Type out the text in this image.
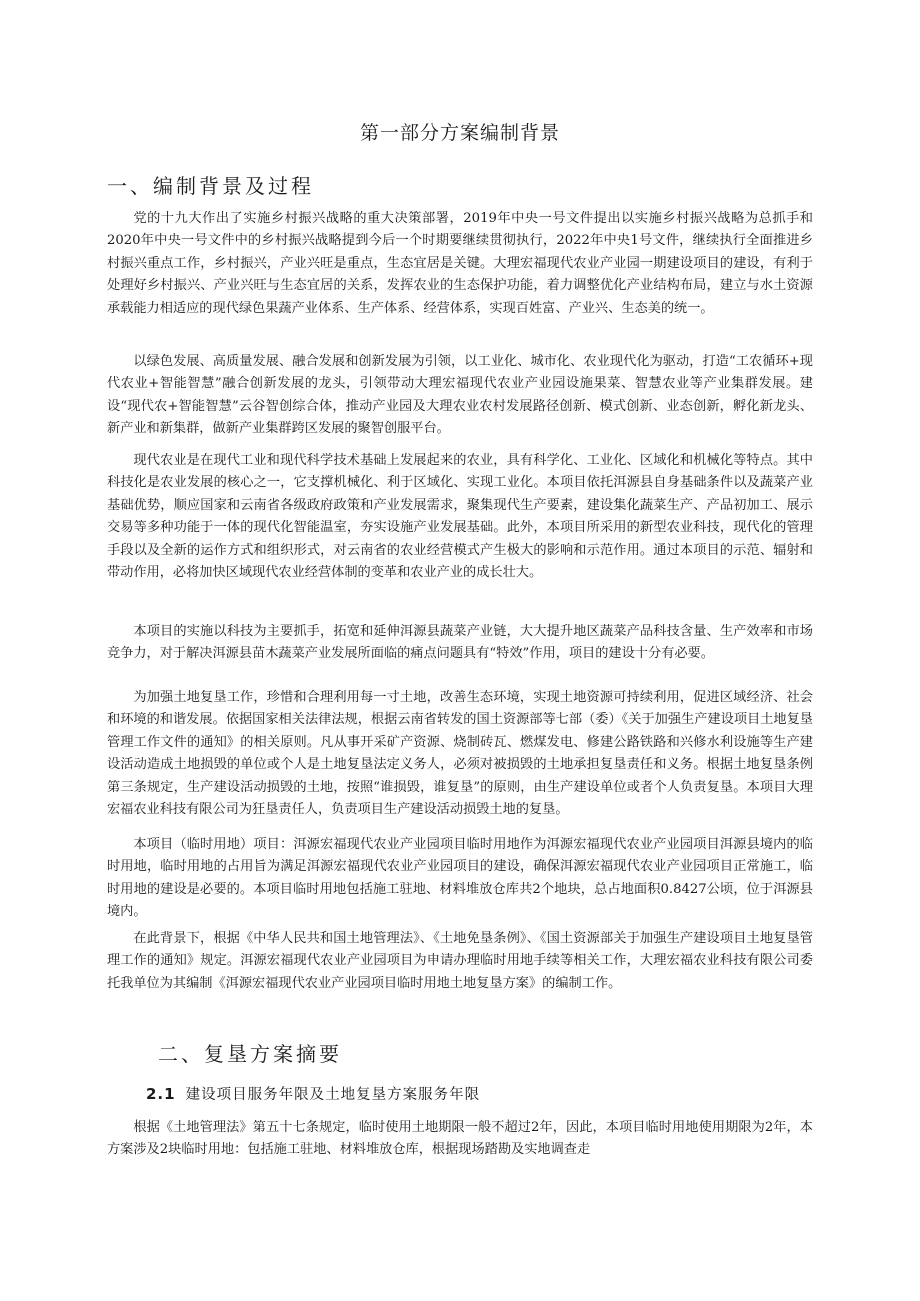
第一部分方案编制背景
一、编制背景及过程

党的十九大作出了实施乡村振兴战略的重大决策部署，2019年中央一号文件提出以实施乡村振兴战略为总抓手和2020年中央一号文件中的乡村振兴战略提到今后一个时期要继续贯彻执行，2022年中央1号文件，继续执行全面推进乡村振兴重点工作，乡村振兴，产业兴旺是重点，生态宜居是关键。大理宏福现代农业产业园一期建设项目的建设，有利于处理好乡村振兴、产业兴旺与生态宜居的关系，发挥农业的生态保护功能，着力调整优化产业结构布局，建立与水土资源承载能力相适应的现代绿色果蔬产业体系、生产体系、经营体系，实现百姓富、产业兴、生态美的统一。

以绿色发展、高质量发展、融合发展和创新发展为引领，以工业化、城市化、农业现代化为驱动，打造“工农循环+现代农业+智能智慧”融合创新发展的龙头，引领带动大理宏福现代农业产业园设施果菜、智慧农业等产业集群发展。建设“现代农+智能智慧”云谷智创综合体，推动产业园及大理农业农村发展路径创新、模式创新、业态创新，孵化新龙头、新产业和新集群，做新产业集群跨区发展的聚智创服平台。

现代农业是在现代工业和现代科学技术基础上发展起来的农业，具有科学化、工业化、区域化和机械化等特点。其中科技化是农业发展的核心之一，它支撑机械化、利于区域化、实现工业化。本项目依托洱源县自身基础条件以及蔬菜产业基础优势，顺应国家和云南省各级政府政策和产业发展需求，聚集现代生产要素，建设集化蔬菜生产、产品初加工、展示交易等多种功能于一体的现代化智能温室，夯实设施产业发展基础。此外，本项目所采用的新型农业科技，现代化的管理手段以及全新的运作方式和组织形式，对云南省的农业经营模式产生极大的影响和示范作用。通过本项目的示范、辐射和带动作用，必将加快区域现代农业经营体制的变革和农业产业的成长壮大。

本项目的实施以科技为主要抓手，拓宽和延伸洱源县蔬菜产业链，大大提升地区蔬菜产品科技含量、生产效率和市场竞争力，对于解决洱源县苗木蔬菜产业发展所面临的痛点问题具有“特效”作用，项目的建设十分有必要。

为加强土地复垦工作，珍惜和合理利用每一寸土地，改善生态环境，实现土地资源可持续利用，促进区域经济、社会和环境的和谐发展。依据国家相关法律法规，根据云南省转发的国土资源部等七部（委）《关于加强生产建设项目土地复垦管理工作文件的通知》的相关原则。凡从事开采矿产资源、烧制砖瓦、燃煤发电、修建公路铁路和兴修水利设施等生产建设活动造成土地损毁的单位或个人是土地复垦法定义务人，必须对被损毁的土地承担复垦责任和义务。根据土地复垦条例第三条规定，生产建设活动损毁的土地，按照“谁损毁，谁复垦”的原则，由生产建设单位或者个人负责复垦。本项目大理宏福农业科技有限公司为狂垦责任人，负责项目生产建设活动损毁土地的复垦。

本项目（临时用地）项目：洱源宏福现代农业产业园项目临时用地作为洱源宏福现代农业产业园项目洱源县境内的临时用地，临时用地的占用旨为满足洱源宏福现代农业产业园项目的建设，确保洱源宏福现代农业产业园项目正常施工，临时用地的建设是必要的。本项目临时用地包括施工驻地、材料堆放仓库共2个地块，总占地面积0.8427公顷，位于洱源县境内。

在此背景下，根据《中华人民共和国土地管理法》、《土地免垦条例》、《国土资源部关于加强生产建设项目土地复垦管理工作的通知》规定。洱源宏福现代农业产业园项目为申请办理临时用地手续等相关工作，大理宏福农业科技有限公司委托我单位为其编制《洱源宏福现代农业产业园项目临时用地土地复垦方案》的编制工作。

二、复垦方案摘要
2.1 建设项目服务年限及土地复垦方案服务年限

根据《土地管理法》第五十七条规定，临时使用土地期限一般不超过2年，因此，本项目临时用地使用期限为2年，本方案涉及2块临时用地：包括施工驻地、材料堆放仓库，根据现场踏勘及实地调查走
